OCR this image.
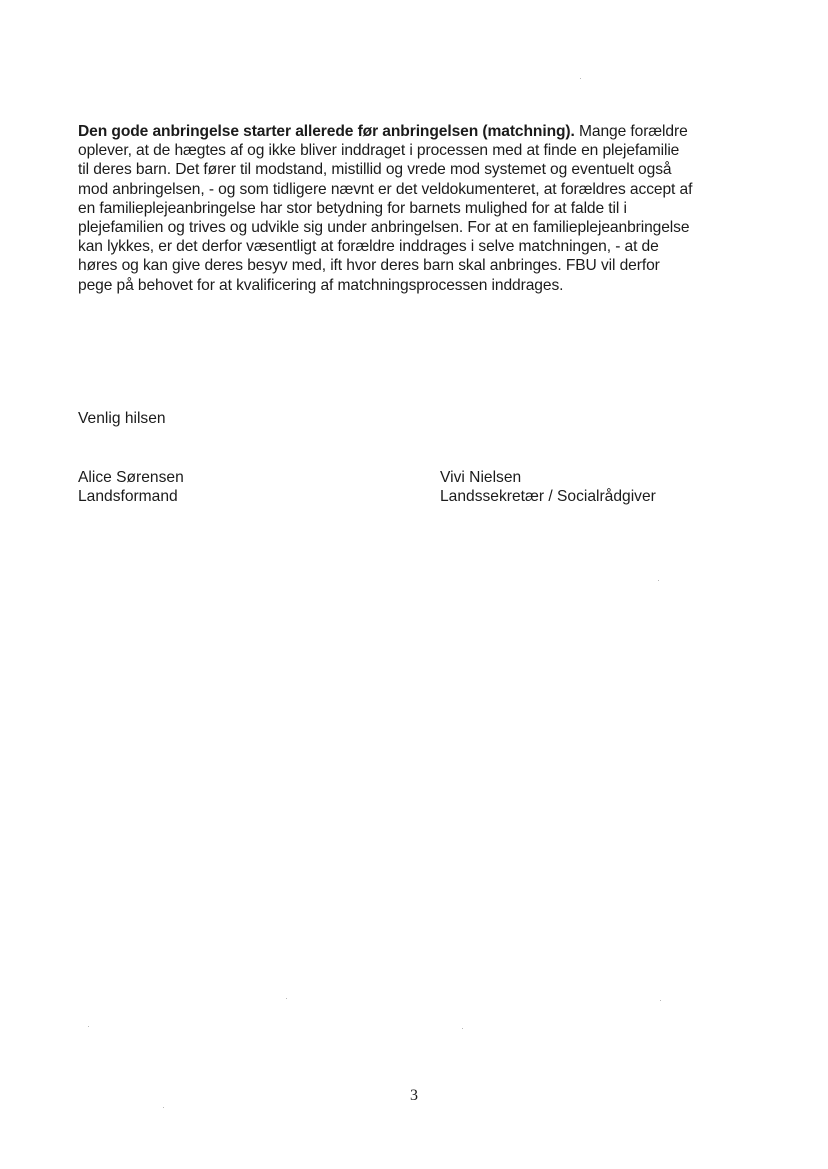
Den gode anbringelse starter allerede før anbringelsen (matchning). Mange forældre
oplever, at de hægtes af og ikke bliver inddraget i processen med at finde en plejefamilie
til deres barn. Det fører til modstand, mistillid og vrede mod systemet og eventuelt også
mod anbringelsen, - og som tidligere nævnt er det veldokumenteret, at forældres accept af
en familieplejeanbringelse har stor betydning for barnets mulighed for at falde til i
plejefamilien og trives og udvikle sig under anbringelsen. For at en familieplejeanbringelse
kan lykkes, er det derfor væsentligt at forældre inddrages i selve matchningen, - at de
høres og kan give deres besyv med, ift hvor deres barn skal anbringes. FBU vil derfor
pege på behovet for at kvalificering af matchningsprocessen inddrages.

Venlig hilsen

Alice Sørensen
Landsformand
Vivi Nielsen
Landssekretær / Socialrådgiver

3
